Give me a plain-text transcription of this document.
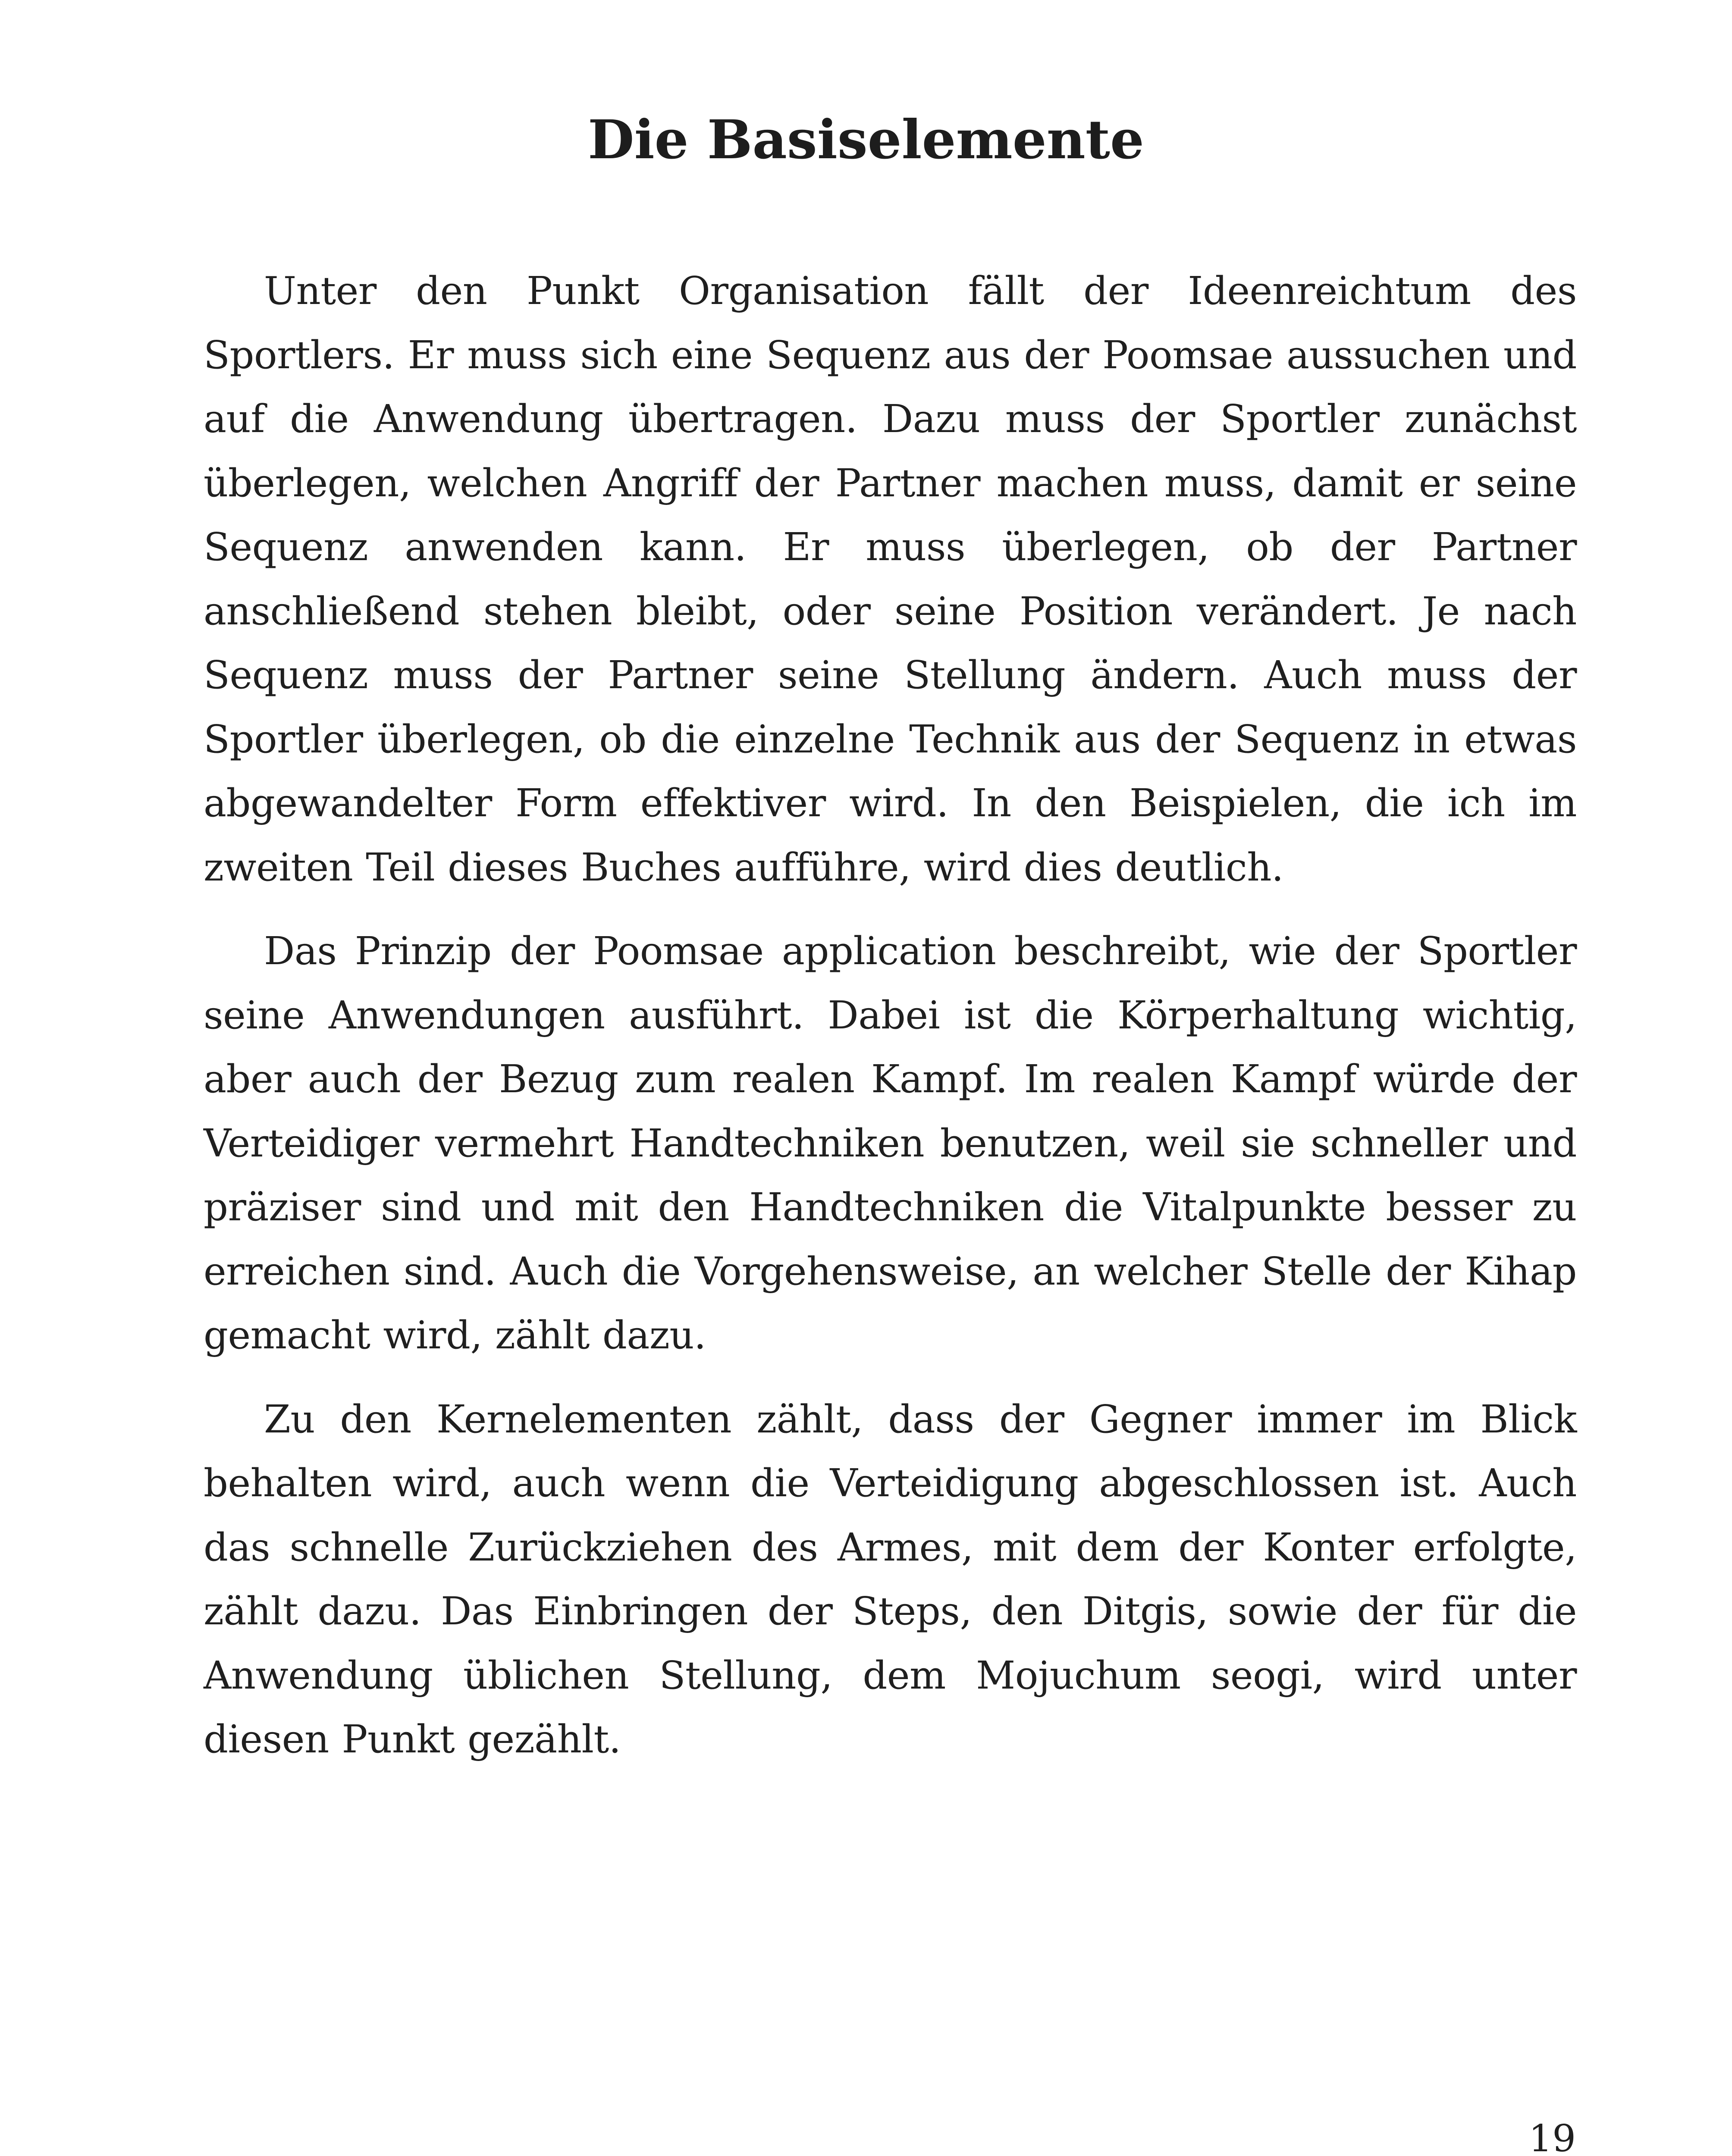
Die Basiselemente

Unter den Punkt Organisation fällt der Ideenreichtum des Sportlers. Er muss sich eine Sequenz aus der Poomsae aussuchen und auf die Anwendung übertragen. Dazu muss der Sportler zunächst überlegen, welchen Angriff der Partner machen muss, damit er seine Sequenz anwenden kann. Er muss überlegen, ob der Partner anschließend stehen bleibt, oder seine Position verändert. Je nach Sequenz muss der Partner seine Stellung ändern. Auch muss der Sportler überlegen, ob die einzelne Technik aus der Sequenz in etwas abgewandelter Form effektiver wird. In den Beispielen, die ich im zweiten Teil dieses Buches aufführe, wird dies deutlich.

Das Prinzip der Poomsae application beschreibt, wie der Sportler seine Anwendungen ausführt. Dabei ist die Körperhaltung wichtig, aber auch der Bezug zum realen Kampf. Im realen Kampf würde der Verteidiger vermehrt Handtechniken benutzen, weil sie schneller und präziser sind und mit den Handtechniken die Vitalpunkte besser zu erreichen sind. Auch die Vorgehensweise, an welcher Stelle der Kihap gemacht wird, zählt dazu.

Zu den Kernelementen zählt, dass der Gegner immer im Blick behalten wird, auch wenn die Verteidigung abgeschlossen ist. Auch das schnelle Zurückziehen des Armes, mit dem der Konter erfolgte, zählt dazu. Das Einbringen der Steps, den Ditgis, sowie der für die Anwendung üblichen Stellung, dem Mojuchum seogi, wird unter diesen Punkt gezählt.

19
